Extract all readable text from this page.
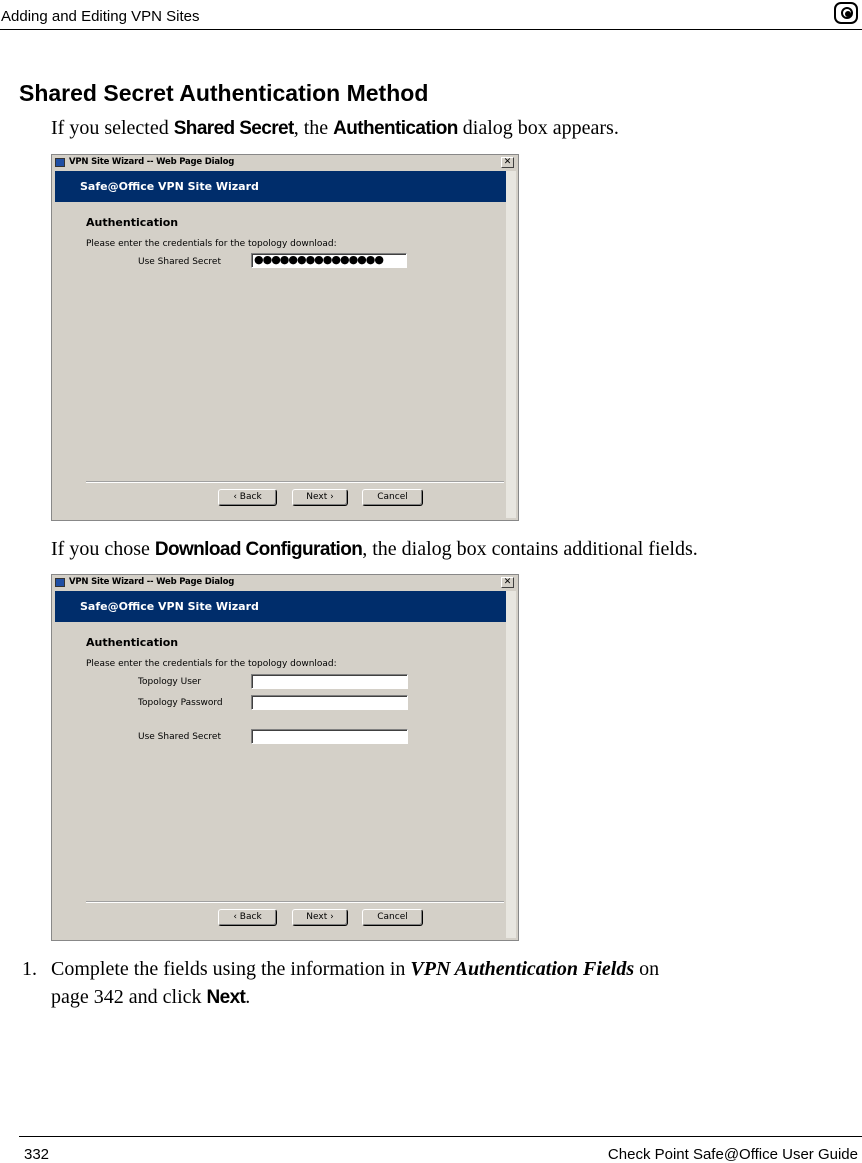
Adding and Editing VPN Sites
Shared Secret Authentication Method

If you selected Shared Secret, the Authentication dialog box appears.

VPN Site Wizard -- Web Page Dialog	✕
Safe@Office VPN Site Wizard
Authentication
Please enter the credentials for the topology download:
Use Shared Secret	●●●●●●●●●●●●●●●
‹ Back	Next ›	Cancel

If you chose Download Configuration, the dialog box contains additional fields.

VPN Site Wizard -- Web Page Dialog	✕
Safe@Office VPN Site Wizard
Authentication
Please enter the credentials for the topology download:
Topology User
Topology Password
Use Shared Secret
‹ Back	Next ›	Cancel
1. Complete the fields using the information in VPN Authentication Fields on

page 342 and click Next.

332	Check Point Safe@Office User Guide
